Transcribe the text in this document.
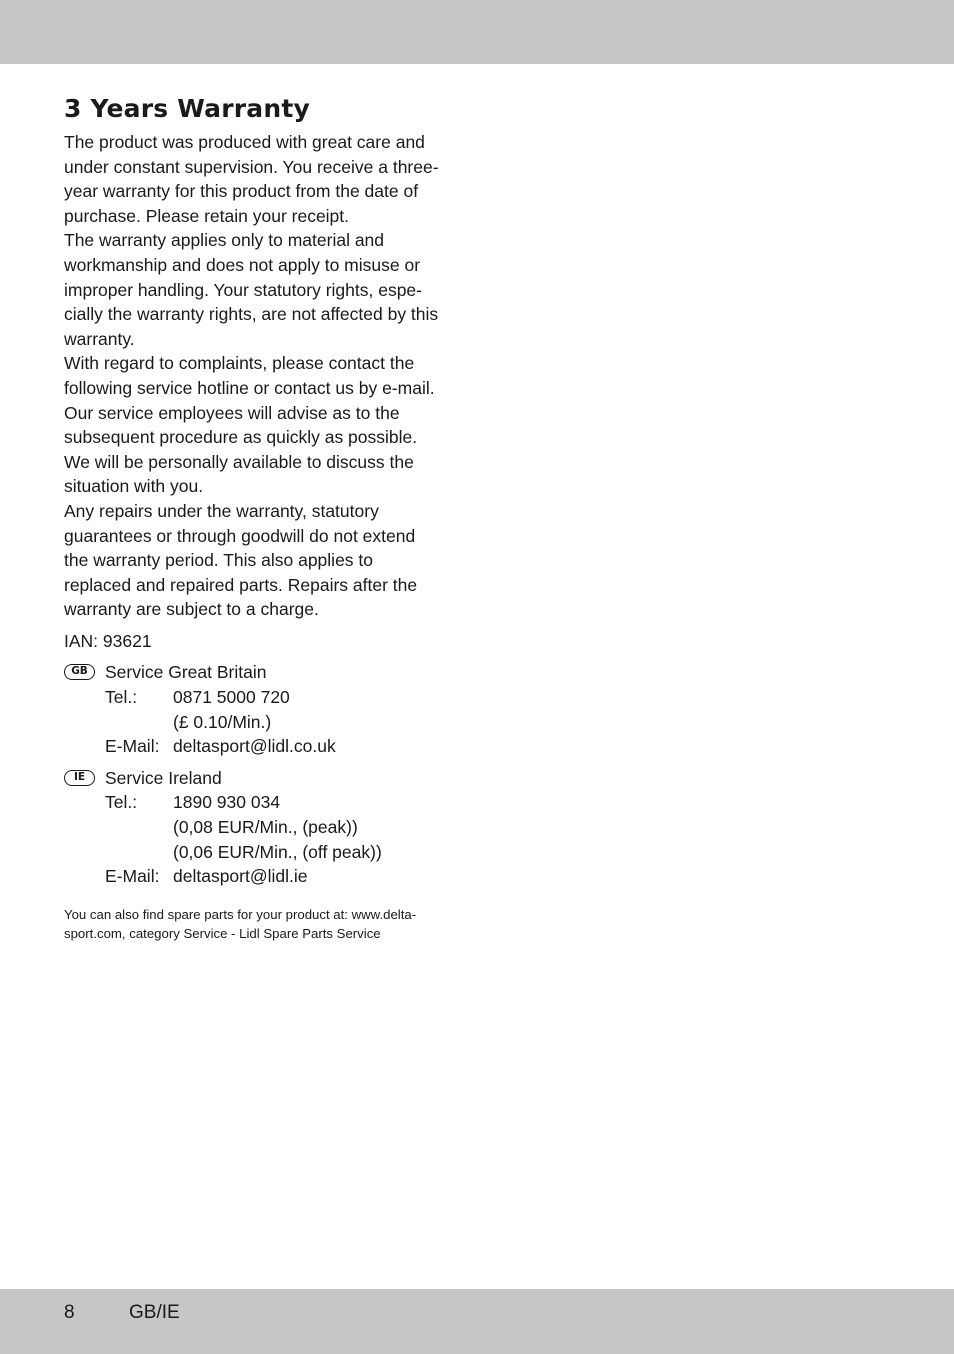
3 Years Warranty

The product was produced with great care and
under constant supervision. You receive a three-
year warranty for this product from the date of
purchase. Please retain your receipt.
The warranty applies only to material and
workmanship and does not apply to misuse or
improper handling. Your statutory rights, espe-
cially the warranty rights, are not affected by this
warranty.
With regard to complaints, please contact the
following service hotline or contact us by e-mail.
Our service employees will advise as to the
subsequent procedure as quickly as possible.
We will be personally available to discuss the
situation with you.
Any repairs under the warranty, statutory
guarantees or through goodwill do not extend
the warranty period. This also applies to
replaced and repaired parts. Repairs after the
warranty are subject to a charge.

IAN: 93621
GB Service Great Britain
Tel.:	0871 5000 720
(£ 0.10/Min.)
E-Mail: deltasport@lidl.co.uk
IE	Service Ireland
Tel.:	1890 930 034
(0,08 EUR/Min., (peak))
(0,06 EUR/Min., (off peak))
E-Mail: deltasport@lidl.ie
You can also find spare parts for your product at: www.delta-sport.com, category Service - Lidl Spare Parts Service
8	GB/IE
